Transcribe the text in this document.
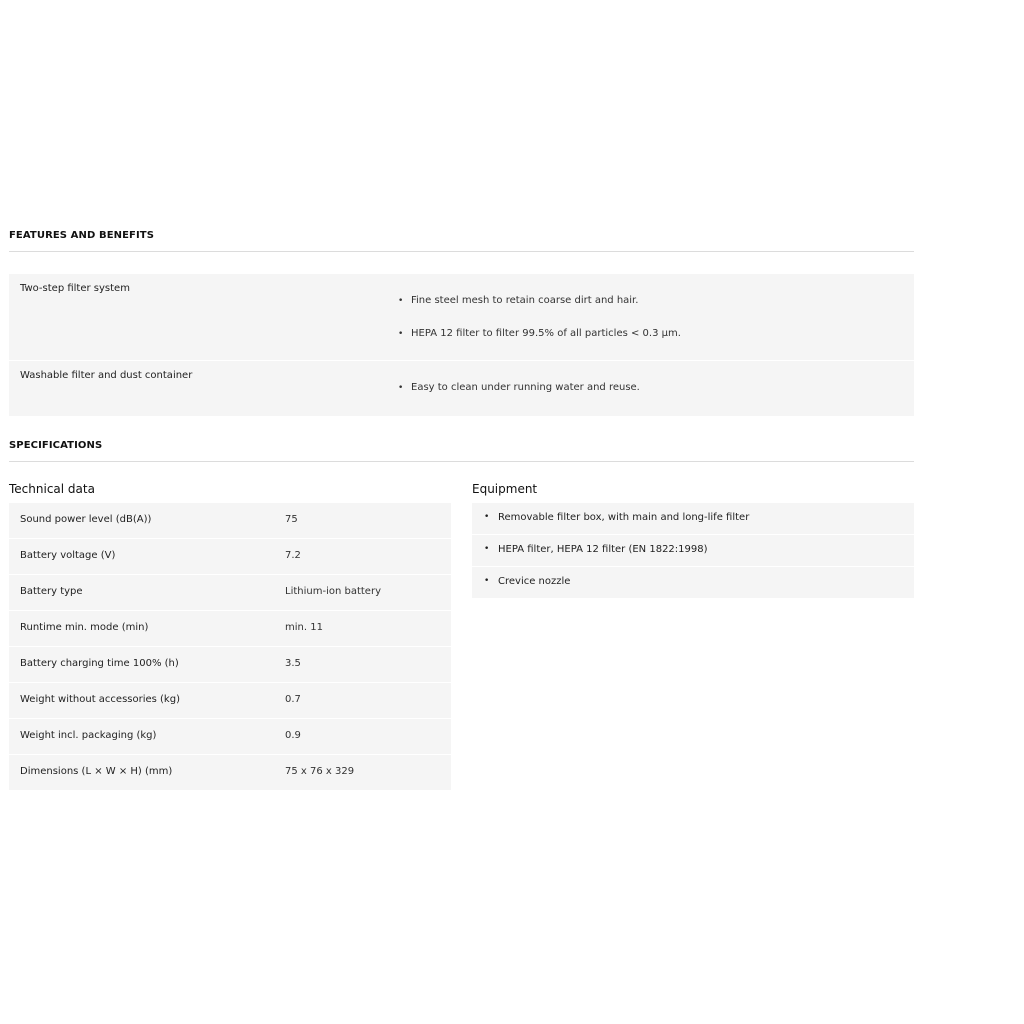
FEATURES AND BENEFITS
Two-step filter system
• Fine steel mesh to retain coarse dirt and hair.
• HEPA 12 filter to filter 99.5% of all particles < 0.3 μm.
Washable filter and dust container
• Easy to clean under running water and reuse.
SPECIFICATIONS
Technical data	Equipment
Sound power level (dB(A))	75
Battery voltage (V)	7.2
Battery type	Lithium-ion battery
Runtime min. mode (min)	min. 11
Battery charging time 100% (h)	3.5
Weight without accessories (kg)	0.7
Weight incl. packaging (kg)	0.9
Dimensions (L × W × H) (mm)	75 x 76 x 329
• Removable filter box, with main and long-life filter
• HEPA filter, HEPA 12 filter (EN 1822:1998)
• Crevice nozzle
